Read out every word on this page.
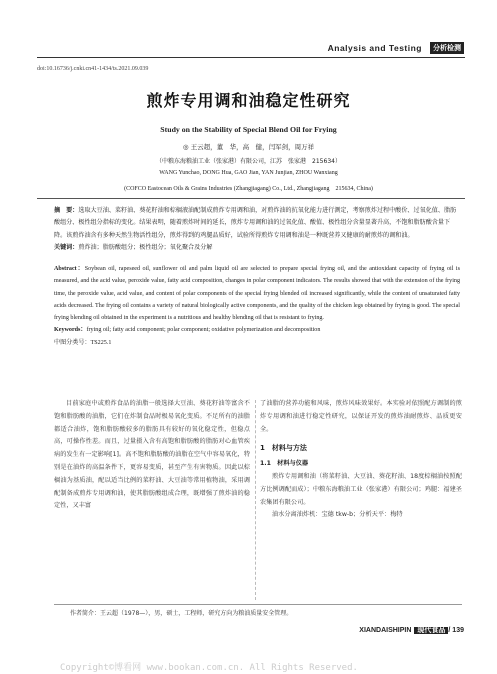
Analysis and Testing	分析检测
doi:10.16736/j.cnki.cn41-1434/ts.2021.09.039
煎炸专用调和油稳定性研究
Study on the Stability of Special Blend Oil for Frying
◎ 王云超，董　华，高　健，闫军剑，周万祥
（中粮东海粮油工业（张家港）有限公司，江苏　张家港　215634）
WANG Yunchao, DONG Hua, GAO Jian, YAN Junjian, ZHOU Wanxiang
(COFCO Eastocean Oils & Grains Industries (Zhangjiagang) Co., Ltd., Zhangjiagang　215634, China)
摘　要：选取大豆油、菜籽油、葵花籽油和棕榈液油配制成煎炸专用调和油，对煎炸油的抗氧化能力进行测定，考察煎炸过程中酸价、过氧化值、脂肪酸组分、极性组分指标的变化。结果表明，随着煎炸时间的延长，煎炸专用调和油的过氧化值、酸值、极性组分含量显著升高，不饱和脂肪酸含量下降。该煎炸油含有多种天然生物活性组分，煎炸得到的鸡腿品质好，试验所得煎炸专用调和油是一种既营养又健康的耐煎炸的调和油。
关键词：煎炸油；脂肪酸组分；极性组分；氧化聚合及分解
Abstract：Soybean oil, rapeseed oil, sunflower oil and palm liquid oil are selected to prepare special frying oil, and the antioxidant capacity of frying oil is measured, and the acid value, peroxide value, fatty acid composition, changes in polar component indicators. The results showed that with the extension of the frying time, the peroxide value, acid value, and content of polar components of the special frying blended oil increased significantly, while the content of unsaturated fatty acids decreased. The frying oil contains a variety of natural biologically active components, and the quality of the chicken legs obtained by frying is good. The special frying blending oil obtained in the experiment is a nutritious and healthy blending oil that is resistant to frying.
Keywords：frying oil; fatty acid component; polar component; oxidative polymerization and decomposition
中图分类号：TS225.1
目前家庭中或煎炸食品的油脂一般选择大豆油、葵花籽油等富含不饱和脂肪酸的油脂，它们在炸制食品时极易氧化变质。不足所有的油脂都适合油炸，饱和脂肪酸较多的脂肪具有较好的氧化稳定性，但稳点高，可操作性差。而且，过量摄入含有高饱和脂肪酸的脂肪对心血管疾病的发生有一定影响[1]。高不饱和脂肪酸的油脂在空气中容易氧化，特别是在油炸的高温条件下，更容易变质，甚至产生有害物质。因此以棕榈油为基质油，配以适当比例的菜籽油、大豆油等常用植物油，采用调配制备成煎炸专用调和油，使其脂肪酸组成合理，既增强了煎炸油的稳定性，又丰富
了油脂的营养功能和风味，煎炸风味效果好。本实验对依照配方调制的煎炸专用调和油进行稳定性研究，以保证开发的煎炸油耐煎炸、品质更安全。
1　材料与方法
1.1　材料与仪器
煎炸专用调和油（将菜籽油、大豆油、葵花籽油、18度棕榈油按照配方比例调配而成）；中粮东海粮油工业（张家港）有限公司；鸡腿：福建圣农集团有限公司。
油水分离油炸机：宝德 tkw-b；分析天平：梅特
作者简介：王云超（1978—），男，硕士，工程师，研究方向为粮油质量安全管理。
XIANDAISHIPIN 现代食品 / 139
Copyright©博看网 www.bookan.com.cn. All Rights Reserved.
